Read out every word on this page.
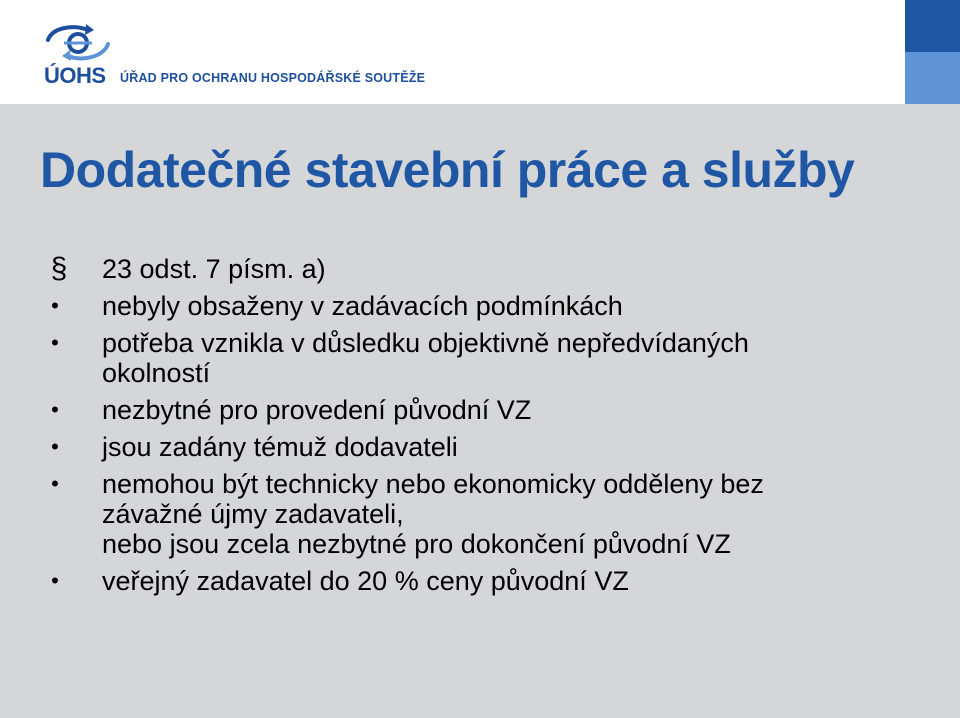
ÚOHS ÚŘAD PRO OCHRANU HOSPODÁŘSKÉ SOUTĚŽE
Dodatečné stavební práce a služby
§ 23 odst. 7 písm. a)
•	nebyly obsaženy v zadávacích podmínkách
•	potřeba vznikla v důsledku objektivně nepředvídaných
okolností
•	nezbytné pro provedení původní VZ
•	jsou zadány témuž dodavateli
•	nemohou být technicky nebo ekonomicky odděleny bez
závažné újmy zadavateli,
nebo jsou zcela nezbytné pro dokončení původní VZ
•	veřejný zadavatel do 20 % ceny původní VZ
